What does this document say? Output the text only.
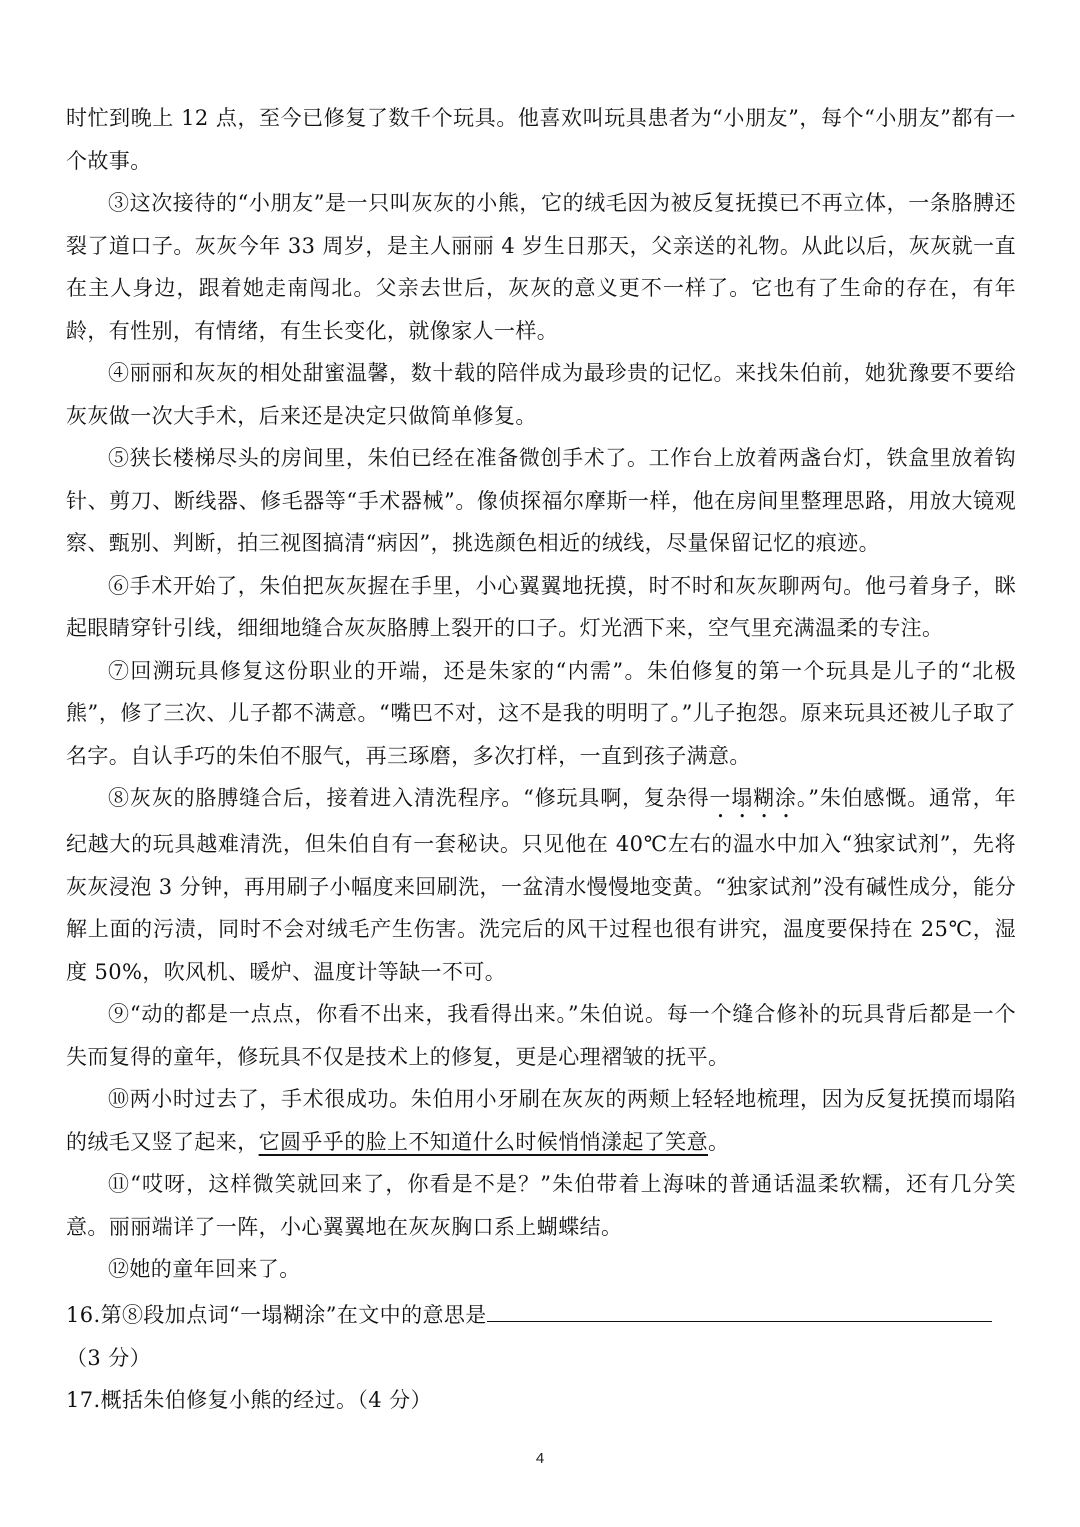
时忙到晚上 12 点，至今已修复了数千个玩具。他喜欢叫玩具患者为“小朋友”，每个“小朋友”都有一个故事。

③这次接待的“小朋友”是一只叫灰灰的小熊，它的绒毛因为被反复抚摸已不再立体，一条胳膊还裂了道口子。灰灰今年 33 周岁，是主人丽丽 4 岁生日那天，父亲送的礼物。从此以后，灰灰就一直在主人身边，跟着她走南闯北。父亲去世后，灰灰的意义更不一样了。它也有了生命的存在，有年龄，有性别，有情绪，有生长变化，就像家人一样。

④丽丽和灰灰的相处甜蜜温馨，数十载的陪伴成为最珍贵的记忆。来找朱伯前，她犹豫要不要给灰灰做一次大手术，后来还是决定只做简单修复。

⑤狭长楼梯尽头的房间里，朱伯已经在准备微创手术了。工作台上放着两盏台灯，铁盒里放着钩针、剪刀、断线器、修毛器等“手术器械”。像侦探福尔摩斯一样，他在房间里整理思路，用放大镜观察、甄别、判断，拍三视图搞清“病因”，挑选颜色相近的绒线，尽量保留记忆的痕迹。

⑥手术开始了，朱伯把灰灰握在手里，小心翼翼地抚摸，时不时和灰灰聊两句。他弓着身子，眯起眼睛穿针引线，细细地缝合灰灰胳膊上裂开的口子。灯光洒下来，空气里充满温柔的专注。

⑦回溯玩具修复这份职业的开端，还是朱家的“内需”。朱伯修复的第一个玩具是儿子的“北极熊”，修了三次、儿子都不满意。“嘴巴不对，这不是我的明明了。”儿子抱怨。原来玩具还被儿子取了名字。自认手巧的朱伯不服气，再三琢磨，多次打样，一直到孩子满意。

⑧灰灰的胳膊缝合后，接着进入清洗程序。“修玩具啊，复杂得一塌糊涂。”朱伯感慨。通常，年纪越大的玩具越难清洗，但朱伯自有一套秘诀。只见他在 40℃左右的温水中加入“独家试剂”，先将灰灰浸泡 3 分钟，再用刷子小幅度来回刷洗，一盆清水慢慢地变黄。“独家试剂”没有碱性成分，能分解上面的污渍，同时不会对绒毛产生伤害。洗完后的风干过程也很有讲究，温度要保持在 25℃，湿度 50%，吹风机、暖炉、温度计等缺一不可。

⑨“动的都是一点点，你看不出来，我看得出来。”朱伯说。每一个缝合修补的玩具背后都是一个失而复得的童年，修玩具不仅是技术上的修复，更是心理褶皱的抚平。

⑩两小时过去了，手术很成功。朱伯用小牙刷在灰灰的两颊上轻轻地梳理，因为反复抚摸而塌陷的绒毛又竖了起来，它圆乎乎的脸上不知道什么时候悄悄漾起了笑意。

⑪“哎呀，这样微笑就回来了，你看是不是？”朱伯带着上海味的普通话温柔软糯，还有几分笑意。丽丽端详了一阵，小心翼翼地在灰灰胸口系上蝴蝶结。

⑫她的童年回来了。

16.第⑧段加点词“一塌糊涂”在文中的意思是
（3 分）
17.概括朱伯修复小熊的经过。（4 分）
4
